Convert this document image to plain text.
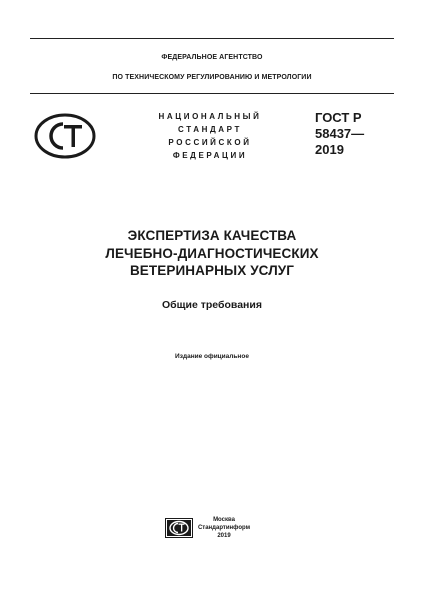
ФЕДЕРАЛЬНОЕ АГЕНТСТВО
ПО ТЕХНИЧЕСКОМУ РЕГУЛИРОВАНИЮ И МЕТРОЛОГИИ
НАЦИОНАЛЬНЫЙ
СТАНДАРТ
РОССИЙСКОЙ
ФЕДЕРАЦИИ
ГОСТ Р
58437—
2019
ЭКСПЕРТИЗА КАЧЕСТВА
ЛЕЧЕБНО-ДИАГНОСТИЧЕСКИХ
ВЕТЕРИНАРНЫХ УСЛУГ
Общие требования
Издание официальное
Москва
Стандартинформ
2019
